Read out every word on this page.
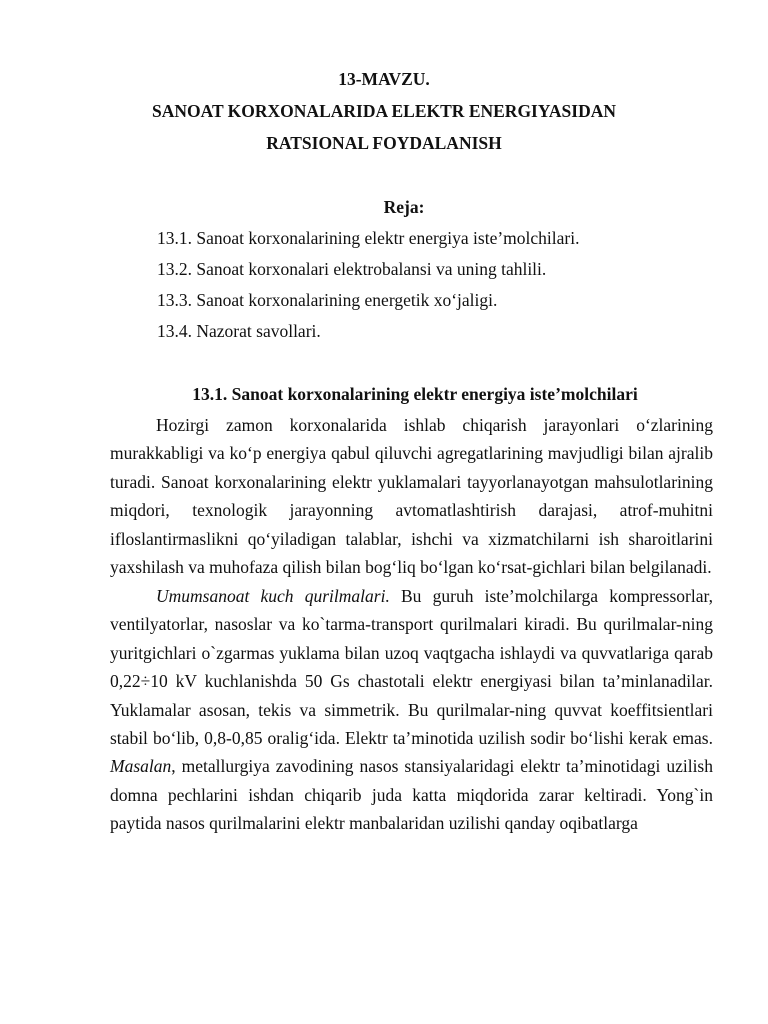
13-MAVZU.
SANOAT KORXONALARIDA ELEKTR ENERGIYASIDAN
RATSIONAL FOYDALANISH
Reja:
13.1. Sanoat korxonalarining elektr energiya iste’molchilari.
13.2. Sanoat korxonalari elektrobalansi va uning tahlili.
13.3. Sanoat korxonalarining energetik xo‘jaligi.
13.4. Nazorat savollari.
13.1. Sanoat korxonalarining elektr energiya iste’molchilari

Hozirgi zamon korxonalarida ishlab chiqarish jarayonlari o‘zlarining murakkabligi va ko‘p energiya qabul qiluvchi agregatlarining mavjudligi bilan ajralib turadi. Sanoat korxonalarining elektr yuklamalari tayyorlanayotgan mahsulotlarining miqdori, texnologik jarayonning avtomatlashtirish darajasi, atrof-muhitni ifloslantirmaslikni qo‘yiladigan talablar, ishchi va xizmatchilarni ish sharoitlarini yaxshilash va muhofaza qilish bilan bog‘liq bo‘lgan ko‘rsat-gichlari bilan belgilanadi.

Umumsanoat kuch qurilmalari. Bu guruh iste’molchilarga kompressorlar, ventilyatorlar, nasoslar va ko`tarma-transport qurilmalari kiradi. Bu qurilmalar-ning yuritgichlari o`zgarmas yuklama bilan uzoq vaqtgacha ishlaydi va quvvatlariga qarab 0,22÷10 kV kuchlanishda 50 Gs chastotali elektr energiyasi bilan ta’minlanadilar. Yuklamalar asosan, tekis va simmetrik. Bu qurilmalar-ning quvvat koeffitsientlari stabil bo‘lib, 0,8-0,85 oralig‘ida. Elektr ta’minotida uzilish sodir bo‘lishi kerak emas. Masalan, metallurgiya zavodining nasos stansiyalaridagi elektr ta’minotidagi uzilish domna pechlarini ishdan chiqarib juda katta miqdorida zarar keltiradi. Yong`in paytida nasos qurilmalarini elektr manbalaridan uzilishi qanday oqibatlarga
